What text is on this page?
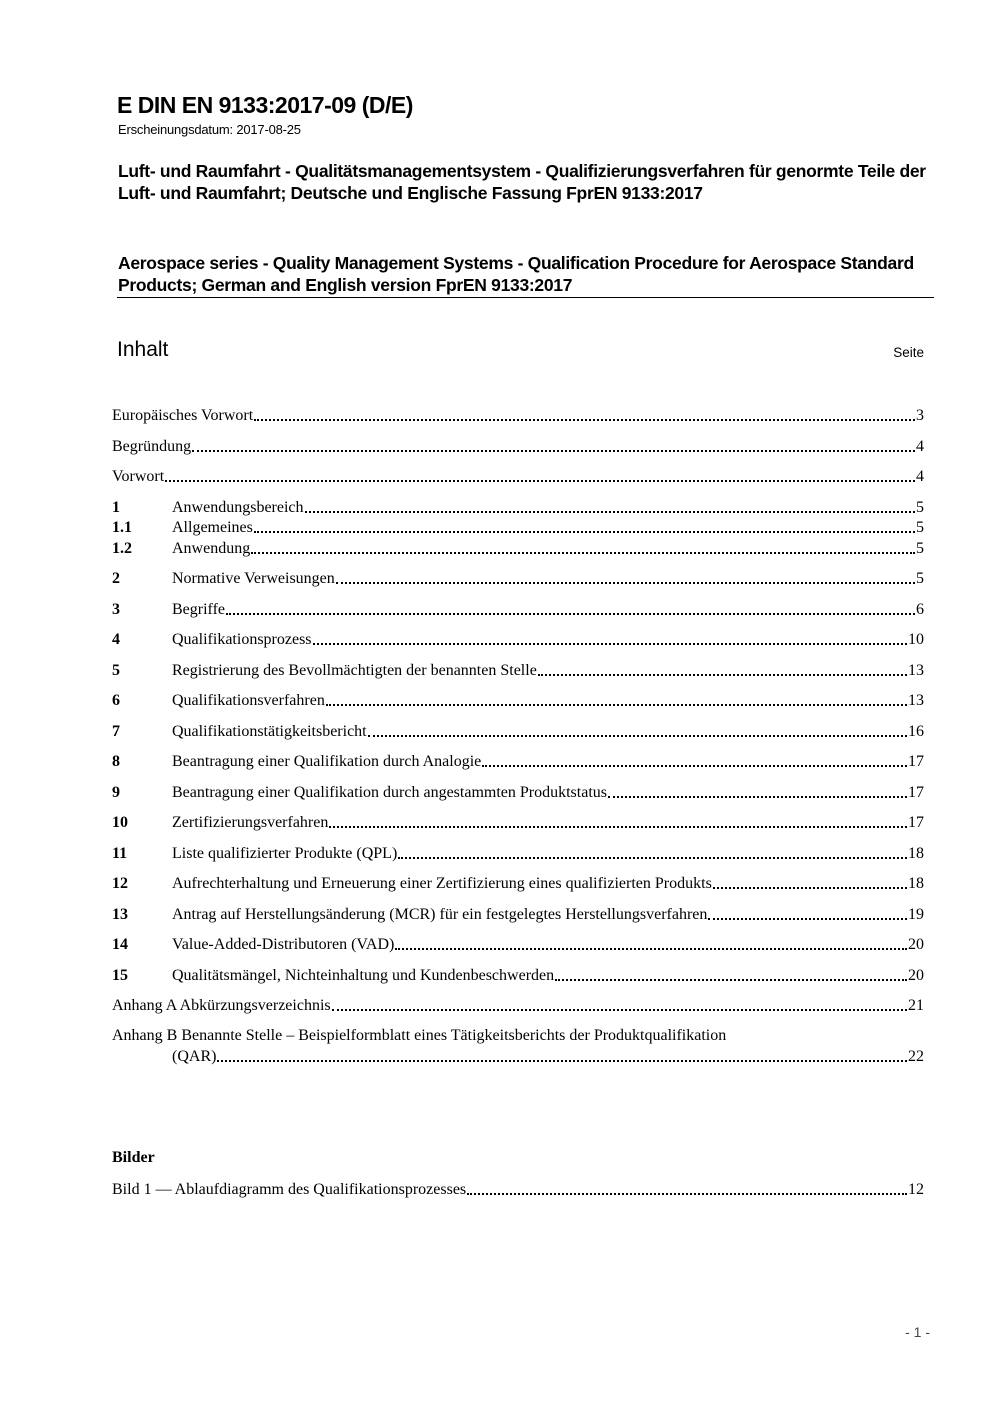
E DIN EN 9133:2017-09 (D/E)
Erscheinungsdatum: 2017-08-25
Luft- und Raumfahrt - Qualitätsmanagementsystem - Qualifizierungsverfahren für genormte Teile der Luft- und Raumfahrt; Deutsche und Englische Fassung FprEN 9133:2017
Aerospace series - Quality Management Systems - Qualification Procedure for Aerospace Standard Products; German and English version FprEN 9133:2017
Inhalt	Seite
Europäisches Vorwort	3
Begründung	4
Vorwort	4
1	Anwendungsbereich	5
1.1	Allgemeines	5
1.2	Anwendung	5
2	Normative Verweisungen	5
3	Begriffe	6
4	Qualifikationsprozess	10
5	Registrierung des Bevollmächtigten der benannten Stelle	13
6	Qualifikationsverfahren	13
7	Qualifikationstätigkeitsbericht	16
8	Beantragung einer Qualifikation durch Analogie	17
9	Beantragung einer Qualifikation durch angestammten Produktstatus	17
10	Zertifizierungsverfahren	17
11	Liste qualifizierter Produkte (QPL)	18
12	Aufrechterhaltung und Erneuerung einer Zertifizierung eines qualifizierten Produkts	18
13	Antrag auf Herstellungsänderung (MCR) für ein festgelegtes Herstellungsverfahren	19
14	Value-Added-Distributoren (VAD)	20
15	Qualitätsmängel, Nichteinhaltung und Kundenbeschwerden	20
Anhang A Abkürzungsverzeichnis	21
Anhang B Benannte Stelle – Beispielformblatt eines Tätigkeitsberichts der Produktqualifikation
(QAR)	22
Bilder
Bild 1 — Ablaufdiagramm des Qualifikationsprozesses	12
- 1 -
